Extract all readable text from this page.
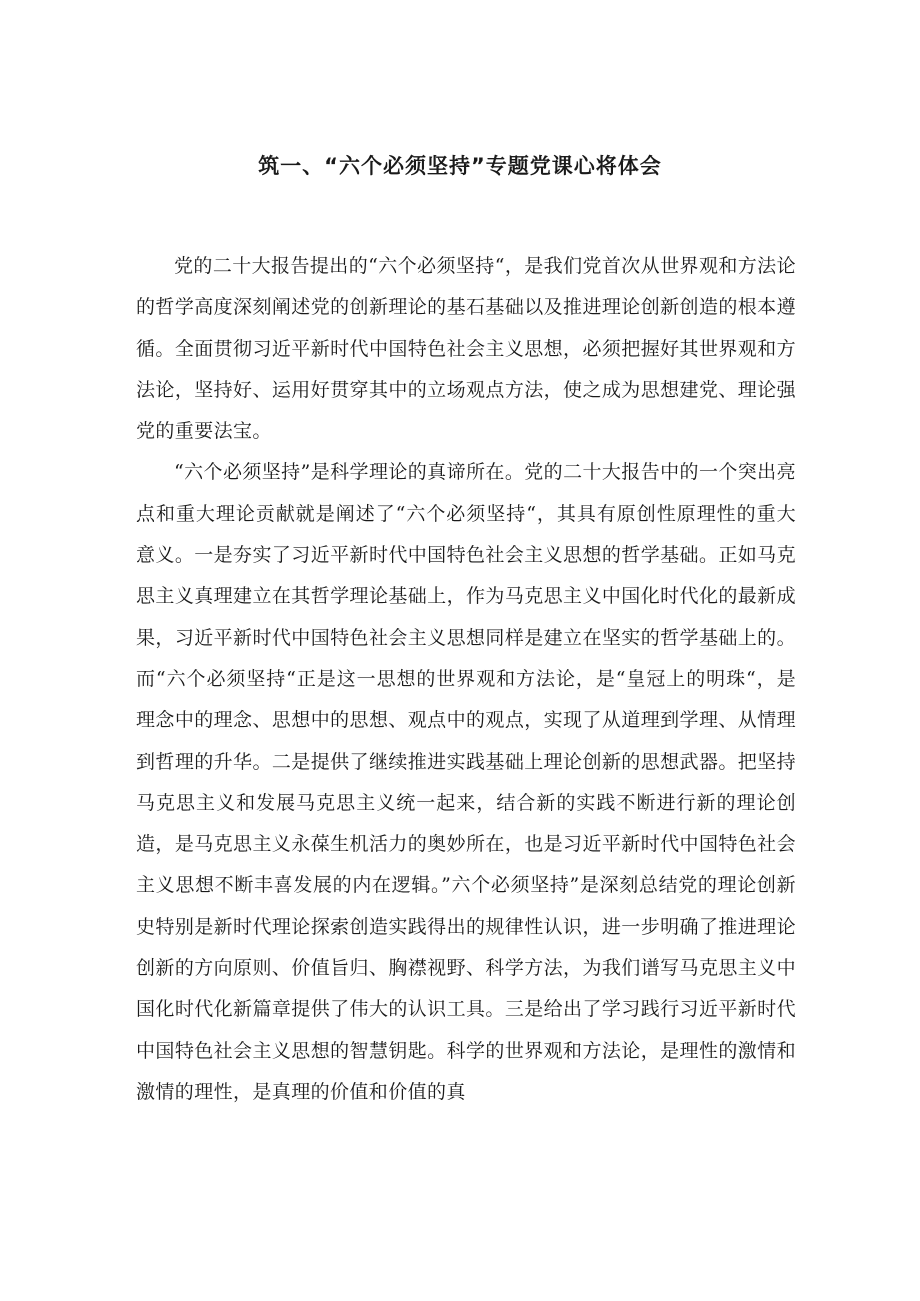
筑一、“六个必须坚持”专题党课心将体会

党的二十大报告提出的“六个必须坚持“，是我们党首次从世界观和方法论的哲学高度深刻阐述党的创新理论的基石基础以及推进理论创新创造的根本遵循。全面贯彻习近平新时代中国特色社会主义思想，必须把握好其世界观和方法论，坚持好、运用好贯穿其中的立场观点方法，使之成为思想建党、理论强党的重要法宝。

“六个必须坚持”是科学理论的真谛所在。党的二十大报告中的一个突出亮点和重大理论贡献就是阐述了“六个必须坚持“，其具有原创性原理性的重大意义。一是夯实了习近平新时代中国特色社会主义思想的哲学基础。正如马克思主义真理建立在其哲学理论基础上，作为马克思主义中国化时代化的最新成果，习近平新时代中国特色社会主义思想同样是建立在坚实的哲学基础上的。而“六个必须坚持“正是这一思想的世界观和方法论，是“皇冠上的明珠“，是理念中的理念、思想中的思想、观点中的观点，实现了从道理到学理、从情理到哲理的升华。二是提供了继续推进实践基础上理论创新的思想武器。把坚持马克思主义和发展马克思主义统一起来，结合新的实践不断进行新的理论创造，是马克思主义永葆生机活力的奥妙所在，也是习近平新时代中国特色社会主义思想不断丰喜发展的内在逻辑。”六个必须坚持”是深刻总结党的理论创新史特别是新时代理论探索创造实践得出的规律性认识，进一步明确了推进理论创新的方向原则、价值旨归、胸襟视野、科学方法，为我们谱写马克思主义中国化时代化新篇章提供了伟大的认识工具。三是给出了学习践行习近平新时代中国特色社会主义思想的智慧钥匙。科学的世界观和方法论，是理性的激情和激情的理性，是真理的价值和价值的真
